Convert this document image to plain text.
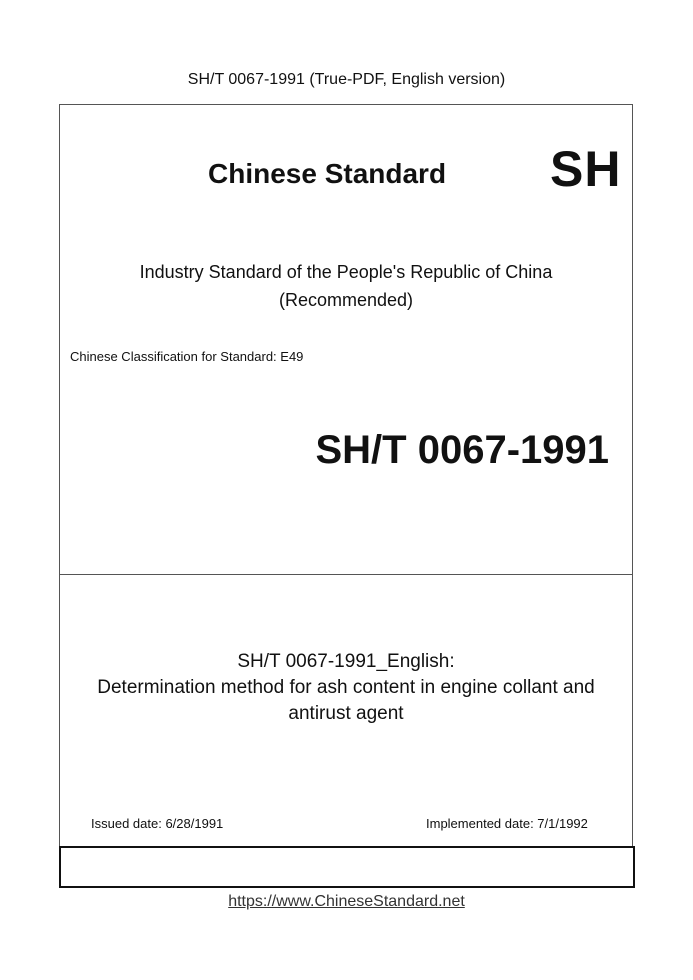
SH/T 0067-1991 (True-PDF, English version)
Chinese Standard SH
Industry Standard of the People's Republic of China
(Recommended)
Chinese Classification for Standard: E49
SH/T 0067-1991
SH/T 0067-1991_English:
Determination method for ash content in engine collant and
antirust agent
Issued date: 6/28/1991	Implemented date: 7/1/1992
https://www.ChineseStandard.net
